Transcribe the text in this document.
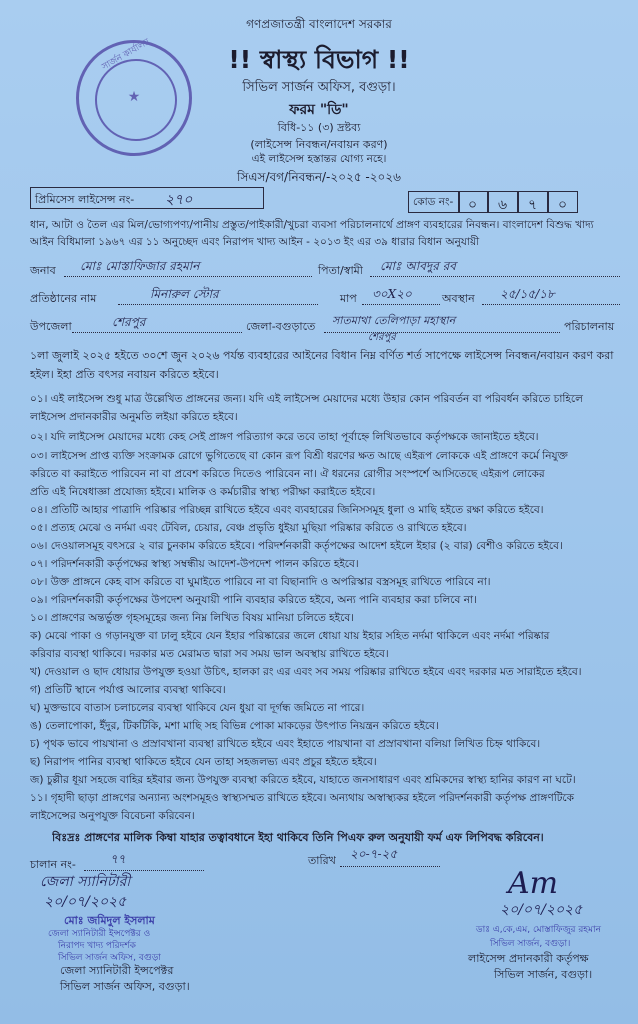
সার্জন কার্যালয়
★
গণপ্রজাতন্ত্রী বাংলাদেশ সরকার
!! স্বাস্থ্য বিভাগ !!
সিভিল সার্জন অফিস, বগুড়া।
ফরম "ডি"
বিধি-১১ (৩) দ্রষ্টব্য
(লাইসেন্স নিবন্ধন/নবায়ন করণ)
এই লাইসেন্স হস্তান্তর যোগ্য নহে।
সিএস/বগ/নিবন্ধন/-২০২৫ -২০২৬
প্রিমিসেস লাইসেন্স নং- ২৭০	কোড নং- ০ ৬ ৭ ০
ধান, আটা ও তৈল এর মিল/ভোগ্যপণ্য/পানীয় প্রস্তুত/পাইকারী/খুচরা ব্যবসা পরিচালনার্থে প্রাঙ্গণ ব্যবহারের নিবন্ধন। বাংলাদেশ বিশুদ্ধ খাদ্য
আইন বিধিমালা ১৯৬৭ এর ১১ অনুচ্ছেদ এবং নিরাপদ খাদ্য আইন - ২০১৩ ইং এর ৩৯ ধারার বিধান অনুযায়ী
জনাব মোঃ মোস্তাফিজার রহমান	পিতা/স্বামী মোঃ আবদুর রব
প্রতিষ্ঠানের নাম	মিনারুল স্টোর	মাপ ৩০X২০	অবস্থান ২৫/১৫/১৮
উপজেলা	শেরপুর	জেলা-বগুড়াতে সাতমাথা তেলিপাড়া মহাস্থান
শেরপুর
পরিচালনায়
১লা জুলাই ২০২৫ হইতে ৩০শে জুন ২০২৬ পর্যন্ত ব্যবহারের আইনের বিধান নিম্ন বর্ণিত শর্ত সাপেক্ষে লাইসেন্স নিবন্ধন/নবায়ন করণ করা
হইল। ইহা প্রতি বৎসর নবায়ন করিতে হইবে।
০১। এই লাইসেন্স শুধু মাত্র উল্লেখিত প্রাঙ্গনের জন্য। যদি এই লাইসেন্স মেয়াদের মধ্যে উহার কোন পরিবর্তন বা পরিবর্ধন করিতে চাহিলে
লাইসেন্স প্রদানকারীর অনুমতি লইয়া করিতে হইবে।
০২। যদি লাইসেন্স মেয়াদের মধ্যে কেহ সেই প্রাঙ্গণ পরিত্যাগ করে তবে তাহা পূর্বাহ্নে লিখিতভাবে কর্তৃপক্ষকে জানাইতে হইবে।
০৩। লাইসেন্স প্রাপ্ত ব্যক্তি সংক্রামক রোগে ভুগিতেছে বা কোন রূপ বিশ্রী ধরণের ক্ষত আছে এইরূপ লোককে এই প্রাঙ্গণে কর্মে নিযুক্ত
করিতে বা করাইতে পারিবেন না বা প্রবেশ করিতে দিতেও পারিবেন না। ঐ ধরনের রোগীর সংস্পর্শে আসিতেছে এইরূপ লোকের
প্রতি এই নিষেধাজ্ঞা প্রযোজ্য হইবে। মালিক ও কর্মচারীর স্বাস্থ্য পরীক্ষা করাইতে হইবে।
০৪। প্রতিটি আহার পাত্রাদি পরিষ্কার পরিচ্ছন্ন রাখিতে হইবে এবং ব্যবহারের জিনিসসমূহ ধুলা ও মাছি হইতে রক্ষা করিতে হইবে।
০৫। প্রত্যহ মেঝে ও নর্দমা এবং টেবিল, চেয়ার, বেঞ্চ প্রভৃতি ধুইয়া মুছিয়া পরিষ্কার করিতে ও রাখিতে হইবে।
০৬। দেওয়ালসমূহ বৎসরে ২ বার চুনকাম করিতে হইবে। পরিদর্শনকারী কর্তৃপক্ষের আদেশ হইলে ইহার (২ বার) বেশীও করিতে হইবে।
০৭। পরিদর্শনকারী কর্তৃপক্ষের স্বাস্থ্য সম্বন্ধীয় আদেশ-উপদেশ পালন করিতে হইবে।
০৮। উক্ত প্রাঙ্গনে কেহ বাস করিতে বা ঘুমাইতে পারিবে না বা বিছানাদি ও অপরিস্কার বস্ত্রসমূহ রাখিতে পারিবে না।
০৯। পরিদর্শনকারী কর্তৃপক্ষের উপদেশ অনুযায়ী পানি ব্যবহার করিতে হইবে, অন্য পানি ব্যবহার করা চলিবে না।
১০। প্রাঙ্গণের অন্তর্ভুক্ত গৃহসমূহের জন্য নিম্ন লিখিত বিষয় মানিয়া চলিতে হইবে।
ক) মেঝে পাকা ও গড়ানযুক্ত বা ঢালু হইবে যেন ইহার পরিষ্কারের জলে ধোয়া যায় ইহার সহিত নর্দমা থাকিলে এবং নর্দমা পরিষ্কার
করিবার ব্যবস্থা থাকিবে। দরকার মত মেরামত দ্বারা সব সময় ভাল অবস্থায় রাখিতে হইবে।
খ) দেওয়াল ও ছাদ ধোয়ার উপযুক্ত হওয়া উচিৎ, হালকা রং এর এবং সব সময় পরিষ্কার রাখিতে হইবে এবং দরকার মত সারাইতে হইবে।
গ) প্রতিটি স্থানে পর্যাপ্ত আলোর ব্যবস্থা থাকিবে।
ঘ) মুক্তভাবে বাতাস চলাচলের ব্যবস্থা থাকিবে যেন ধুয়া বা দূর্গন্ধ জমিতে না পারে।
ঙ) তেলাপোকা, ইঁদুর, টিকটিকি, মশা মাছি সহ বিভিন্ন পোকা মাকড়ের উৎপাত নিয়ন্ত্রন করিতে হইবে।
চ) পৃথক ভাবে পায়খানা ও প্রস্রাবখানা ব্যবস্থা রাখিতে হইবে এবং ইহাতে পায়খানা বা প্রস্রাবখানা বলিয়া লিখিত চিহ্ন থাকিবে।
ছ) নিরাপদ পানির ব্যবস্থা থাকিতে হইবে যেন তাহা সহজলভ্য এবং প্রচুর হইতে হইবে।
জ) চুল্লীর ধূয়া সহজে বাহির হইবার জন্য উপযুক্ত ব্যবস্থা করিতে হইবে, যাহাতে জনসাধারণ এবং শ্রমিকদের স্বাস্থ্য হানির কারণ না ঘটে।
১১। গৃহাদী ছাড়া প্রাঙ্গণের অন্যান্য অংশসমূহও স্বাস্থ্যসম্মত রাখিতে হইবে। অন্যথায় অস্বাস্থ্যকর হইলে পরিদর্শনকারী কর্তৃপক্ষ প্রাঙ্গণটিকে
লাইসেন্সের অনুপযুক্ত বিবেচনা করিবেন।
বিঃদ্রঃ প্রাঙ্গণের মালিক কিম্বা যাহার তত্বাবধানে ইহা থাকিবে তিনি পিএফ রুল অনুযায়ী ফর্ম এফ লিপিবদ্ধ করিবেন।
চালান নং-	৭৭	তারিখ ২০-৭-২৫
জেলা স্যানিটারী
২০/০৭/২০২৫
মোঃ জমিদুল ইসলাম
জেলা স্যানিটারী ইন্সপেক্টর ও
নিরাপদ খাদ্য পরিদর্শক
সিভিল সার্জন অফিস, বগুড়া
জেলা স্যানিটারী ইন্সপেক্টর
সিভিল সার্জন অফিস, বগুড়া।
Am
২০/০৭/২০২৫
ডাঃ এ,কে,এম, মোস্তাফিজুর রহমান
সিভিল সার্জন, বগুড়া।
লাইসেন্স প্রদানকারী কর্তৃপক্ষ
সিভিল সার্জন, বগুড়া।
